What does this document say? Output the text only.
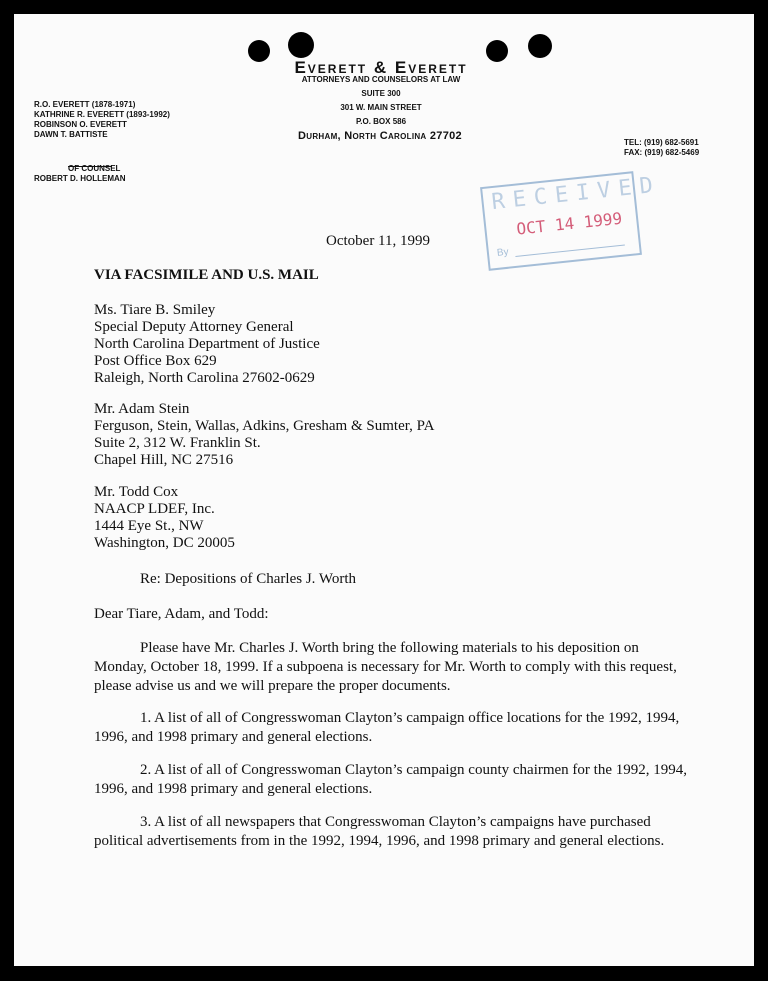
Everett & Everett
ATTORNEYS AND COUNSELORS AT LAW
SUITE 300
301 W. MAIN STREET
P.O. BOX 586
Durham, North Carolina 27702
R.O. EVERETT (1878-1971)
KATHRINE R. EVERETT (1893-1992)
ROBINSON O. EVERETT
DAWN T. BATTISTE
OF COUNSEL
ROBERT D. HOLLEMAN
TEL: (919) 682-5691
FAX: (919) 682-5469
RECEIVED
OCT 14 1999
By
October 11, 1999
VIA FACSIMILE AND U.S. MAIL
Ms. Tiare B. Smiley
Special Deputy Attorney General
North Carolina Department of Justice
Post Office Box 629
Raleigh, North Carolina 27602-0629
Mr. Adam Stein
Ferguson, Stein, Wallas, Adkins, Gresham & Sumter, PA
Suite 2, 312 W. Franklin St.
Chapel Hill, NC 27516
Mr. Todd Cox
NAACP LDEF, Inc.
1444 Eye St., NW
Washington, DC 20005
Re: Depositions of Charles J. Worth
Dear Tiare, Adam, and Todd:
Please have Mr. Charles J. Worth bring the following materials to his deposition on Monday, October 18, 1999. If a subpoena is necessary for Mr. Worth to comply with this request, please advise us and we will prepare the proper documents.
1. A list of all of Congresswoman Clayton’s campaign office locations for the 1992, 1994, 1996, and 1998 primary and general elections.
2. A list of all of Congresswoman Clayton’s campaign county chairmen for the 1992, 1994, 1996, and 1998 primary and general elections.
3. A list of all newspapers that Congresswoman Clayton’s campaigns have purchased political advertisements from in the 1992, 1994, 1996, and 1998 primary and general elections.
